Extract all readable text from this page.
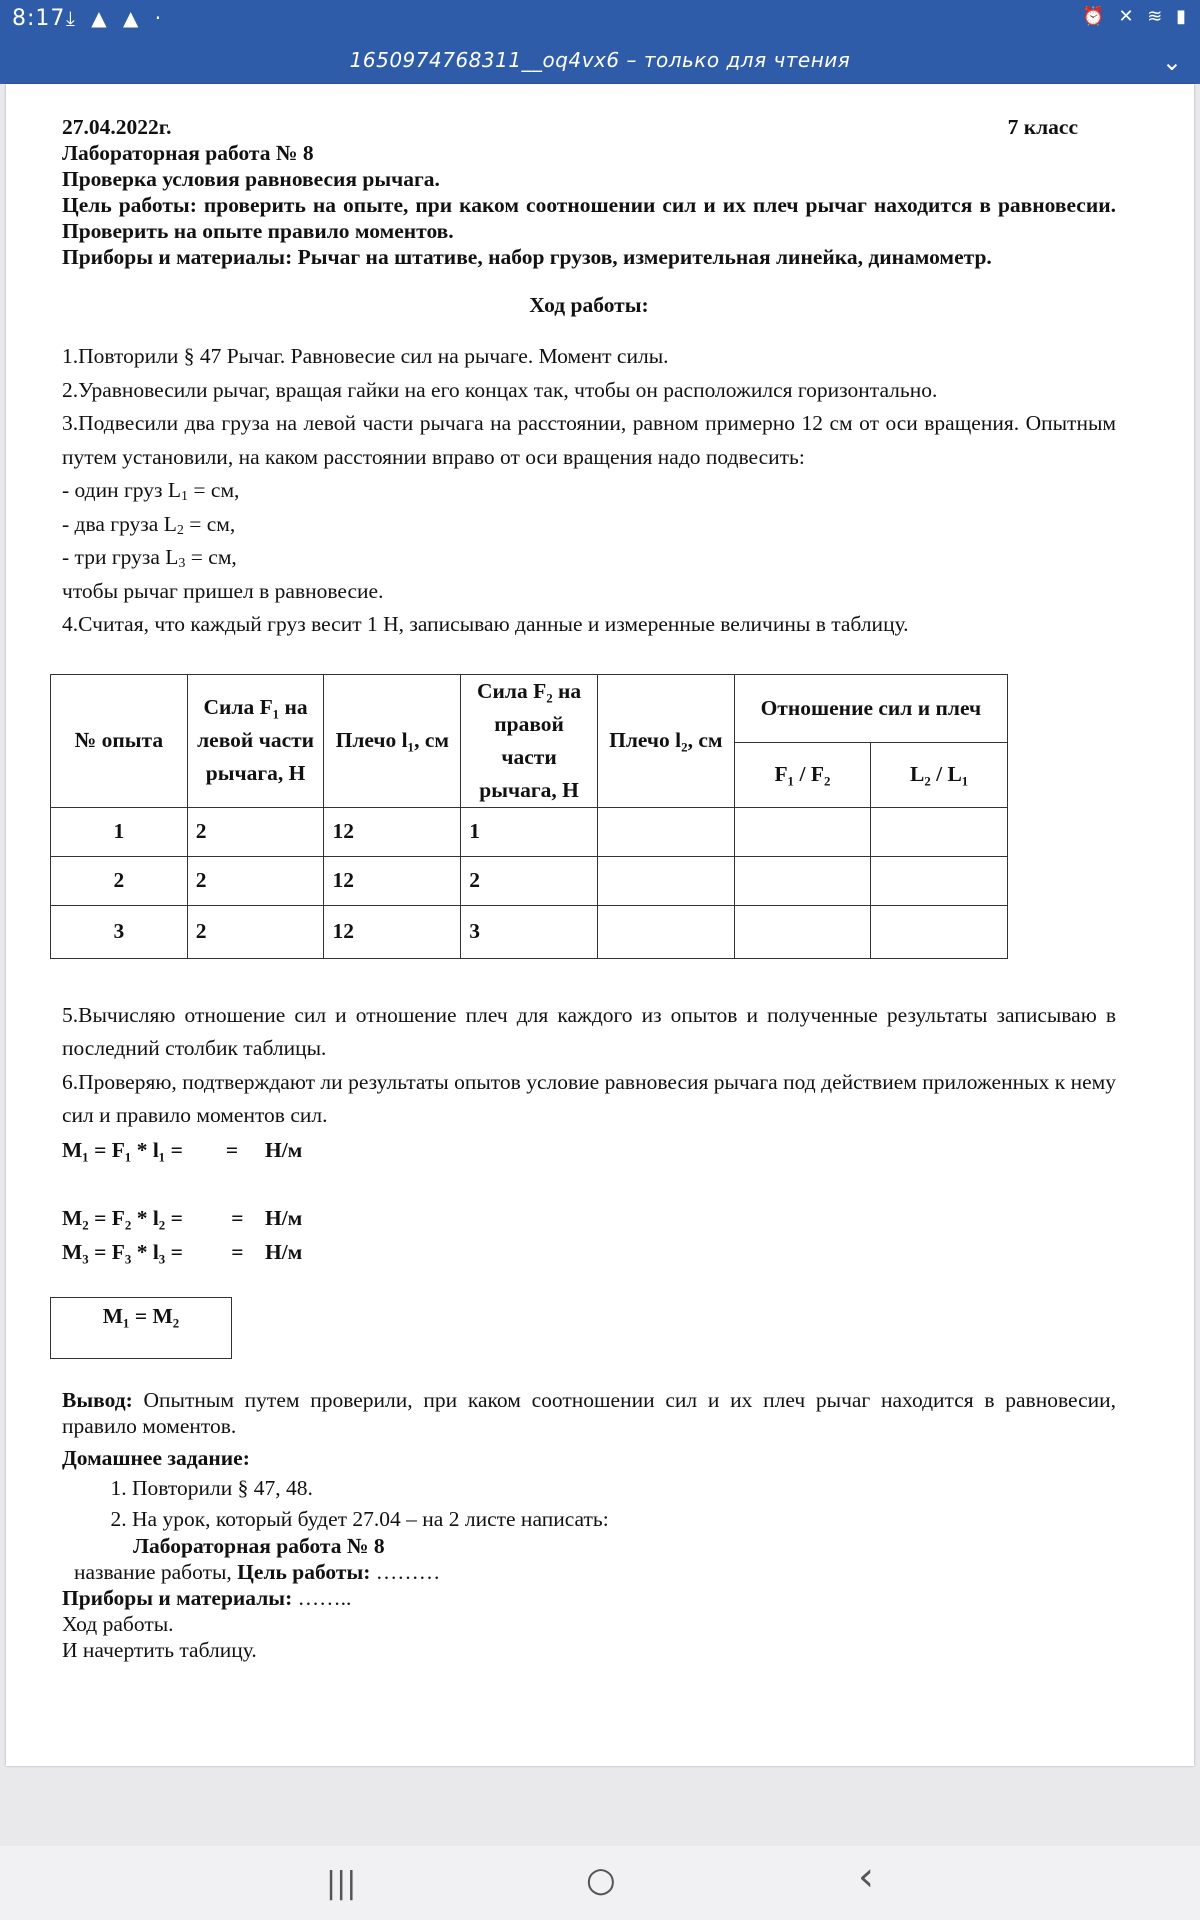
8:17 ⤓ ▲ ▲ ·	⏰ ✕ ≋ ▮
1650974768311__oq4vx6 – только для чтения	⌄
27.04.2022г.	7 класс

Лабораторная работа № 8

Проверка условия равновесия рычага.

Цель работы: проверить на опыте, при каком соотношении сил и их плеч рычаг находится в равновесии. Проверить на опыте правило моментов.

Приборы и материалы: Рычаг на штативе, набор грузов, измерительная линейка, динамометр.

Ход работы:

1.Повторили § 47 Рычаг. Равновесие сил на рычаге. Момент силы.

2.Уравновесили рычаг, вращая гайки на его концах так, чтобы он расположился горизонтально.

3.Подвесили два груза на левой части рычага на расстоянии, равном примерно 12 см от оси вращения. Опытным путем установили, на каком расстоянии вправо от оси вращения надо подвесить:

- один груз $L_1$ = см,

- два груза $L_2$ = см,

- три груза $L_3$ = см,

чтобы рычаг пришел в равновесие.

4.Считая, что каждый груз весит 1 Н, записываю данные и измеренные величины в таблицу.

№ опыта	Сила F₁ на левой части рычага, Н	Плечо l₁, см	Сила F₂ на правой части рычага, Н	Плечо l₂, см	Отношение сил и плеч	
					F₁ / F₂	L₂ / L₁
1	2	12	1			
2	2	12	2			
3	2	12	3			

5.Вычисляю отношение сил и отношение плеч для каждого из опытов и полученные результаты записываю в последний столбик таблицы.

6.Проверяю, подтверждают ли результаты опытов условие равновесия рычага под действием приложенных к нему сил и правило моментов сил.

M₁ = F₁ * l₁ =        =     Н/м

M₂ = F₂ * l₂ =         =    Н/м

M₃ = F₃ * l₃ =         =    Н/м

M₁ = M₂

Вывод: Опытным путем проверили, при каком соотношении сил и их плеч рычаг находится в равновесии, правило моментов.

Домашнее задание:

1. Повторили § 47, 48.
2. На урок, который будет 27.04 – на 2 листе написать:

Лабораторная работа № 8

название работы, Цель работы: ………

Приборы и материалы: ……..

Ход работы.

И начертить таблицу.

|||	○	‹
